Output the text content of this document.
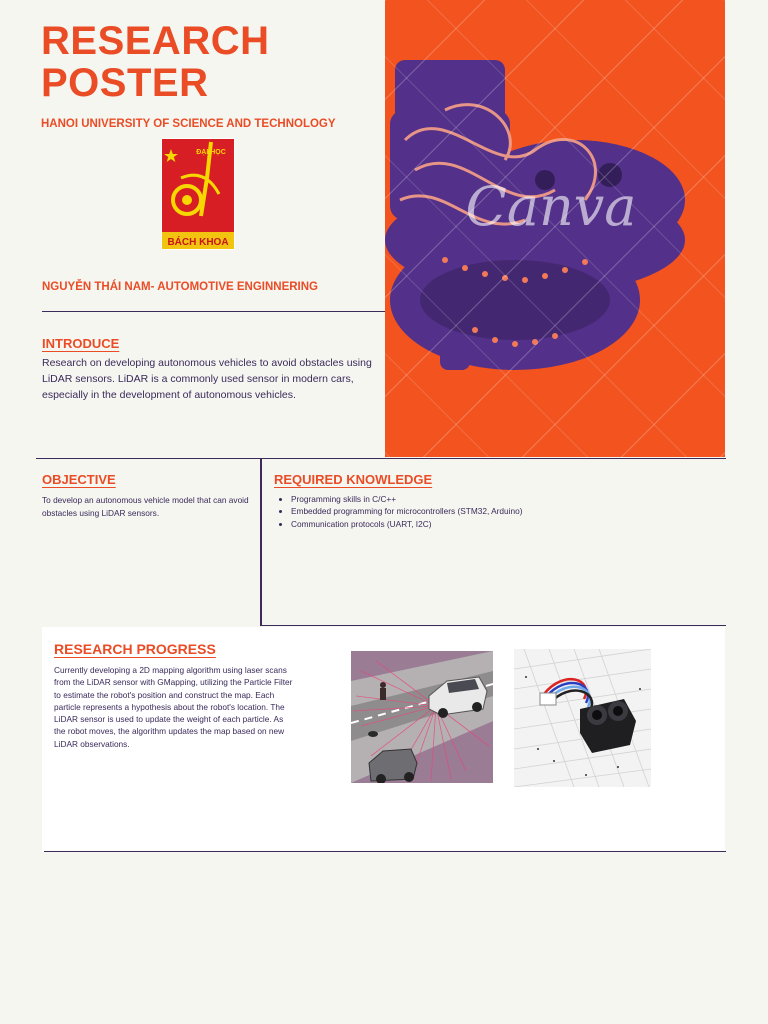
RESEARCH POSTER
HANOI UNIVERSITY OF SCIENCE AND TECHNOLOGY
ĐẠI HỌC
BÁCH KHOA
NGUYỄN THÁI NAM- AUTOMOTIVE ENGINNERING
Canva
INTRODUCE
Research on developing autonomous vehicles to avoid obstacles using LiDAR sensors. LiDAR is a commonly used sensor in modern cars, especially in the development of autonomous vehicles.
OBJECTIVE
To develop an autonomous vehicle model that can avoid obstacles using LiDAR sensors.
REQUIRED KNOWLEDGE
• Programming skills in C/C++
• Embedded programming for microcontrollers (STM32, Arduino)
• Communication protocols (UART, I2C)
RESEARCH PROGRESS
Currently developing a 2D mapping algorithm using laser scans from the LiDAR sensor with GMapping, utilizing the Particle Filter to estimate the robot's position and construct the map. Each particle represents a hypothesis about the robot's location. The LiDAR sensor is used to update the weight of each particle. As the robot moves, the algorithm updates the map based on new LiDAR observations.
